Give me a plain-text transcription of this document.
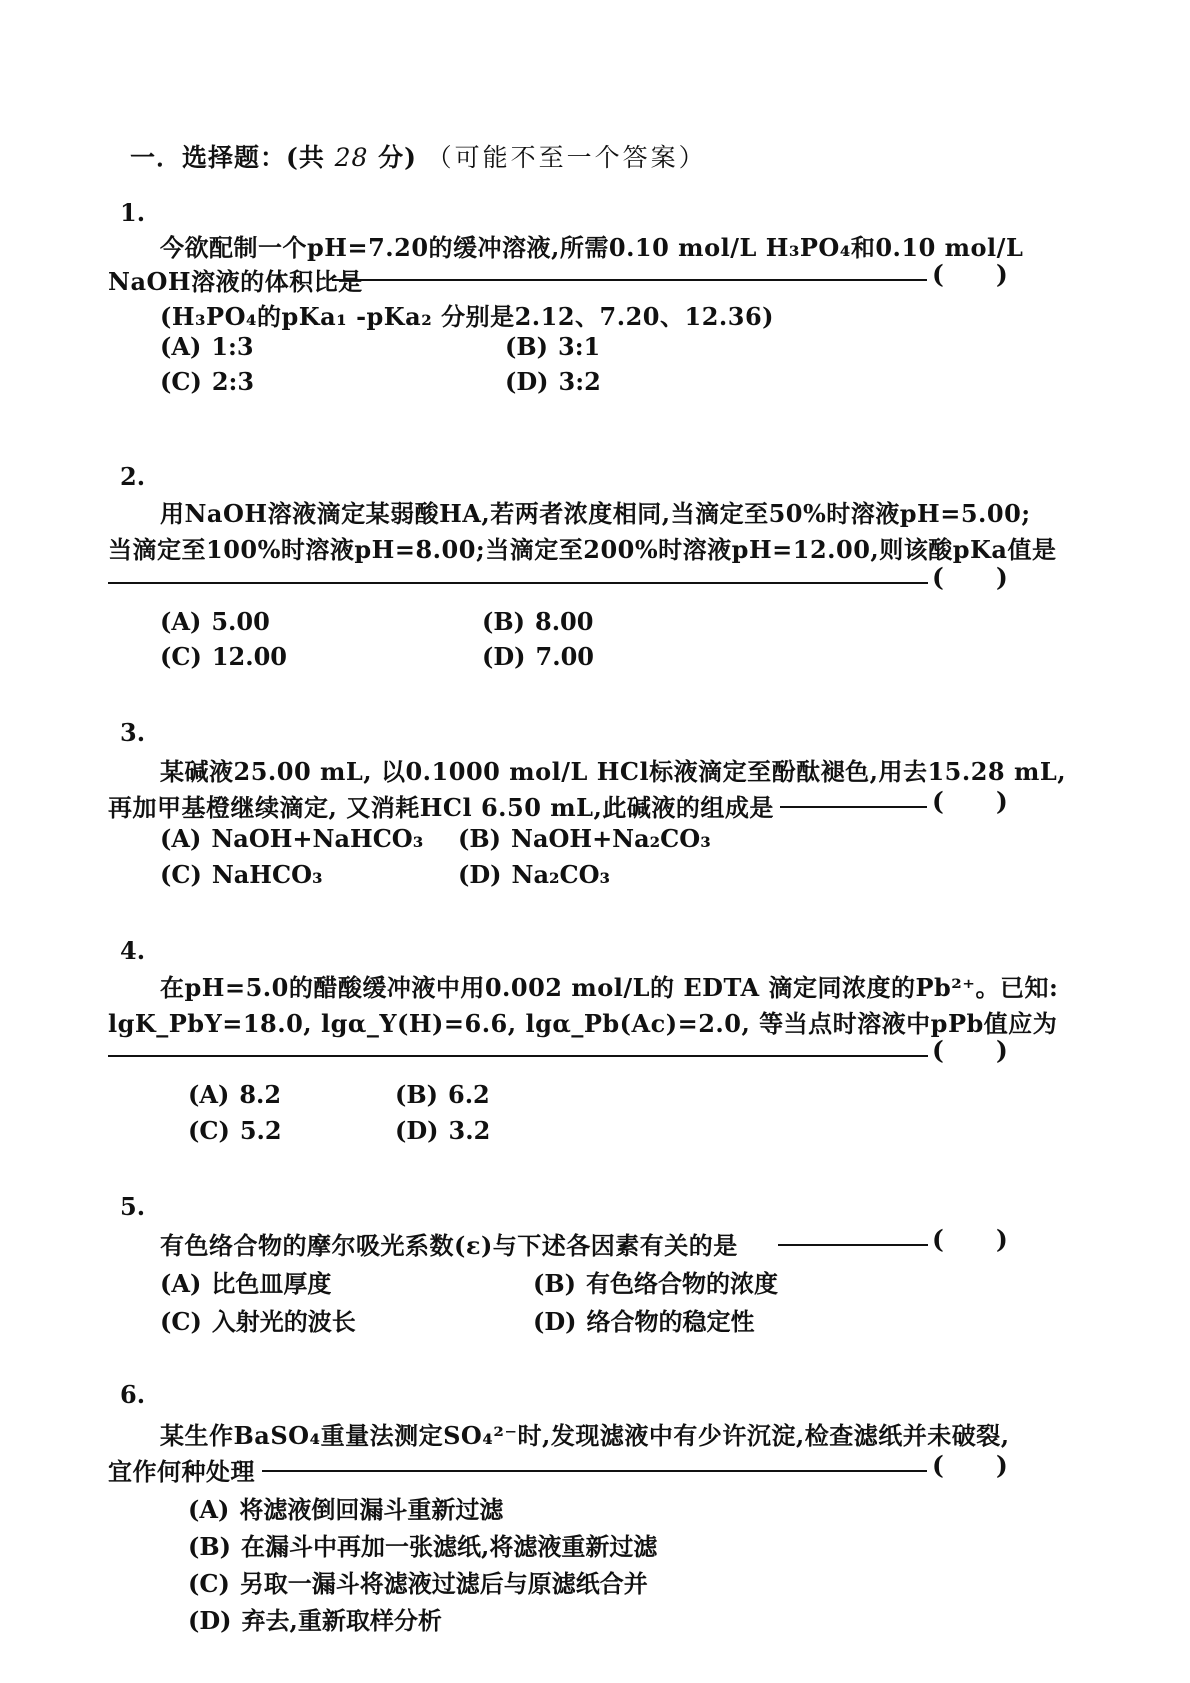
一．选择题：(共 28 分) （可能不至一个答案）
1.
今欲配制一个pH=7.20的缓冲溶液,所需0.10 mol/L H₃PO₄和0.10 mol/L
NaOH溶液的体积比是	(      )
(H₃PO₄的pKa₁ -pKa₂ 分别是2.12、7.20、12.36)
(A) 1:3	(B) 3:1
(C) 2:3	(D) 3:2
2.
用NaOH溶液滴定某弱酸HA,若两者浓度相同,当滴定至50%时溶液pH=5.00;
当滴定至100%时溶液pH=8.00;当滴定至200%时溶液pH=12.00,则该酸pKa值是
(      )
(A) 5.00	(B) 8.00
(C) 12.00	(D) 7.00
3.
某碱液25.00 mL, 以0.1000 mol/L HCl标液滴定至酚酞褪色,用去15.28 mL,
再加甲基橙继续滴定, 又消耗HCl 6.50 mL,此碱液的组成是	(      )
(A) NaOH+NaHCO₃ (B) NaOH+Na₂CO₃
(C) NaHCO₃	(D) Na₂CO₃
4.
在pH=5.0的醋酸缓冲液中用0.002 mol/L的 EDTA 滴定同浓度的Pb²⁺。已知:
lgK_PbY=18.0, lgα_Y(H)=6.6, lgα_Pb(Ac)=2.0, 等当点时溶液中pPb值应为
(      )
(A) 8.2	(B) 6.2
(C) 5.2	(D) 3.2
5.
有色络合物的摩尔吸光系数(ε)与下述各因素有关的是	(      )
(A) 比色皿厚度	(B) 有色络合物的浓度
(C) 入射光的波长	(D) 络合物的稳定性
6.
某生作BaSO₄重量法测定SO₄²⁻时,发现滤液中有少许沉淀,检查滤纸并未破裂,
宜作何种处理	(      )
(A) 将滤液倒回漏斗重新过滤
(B) 在漏斗中再加一张滤纸,将滤液重新过滤
(C) 另取一漏斗将滤液过滤后与原滤纸合并
(D) 弃去,重新取样分析
